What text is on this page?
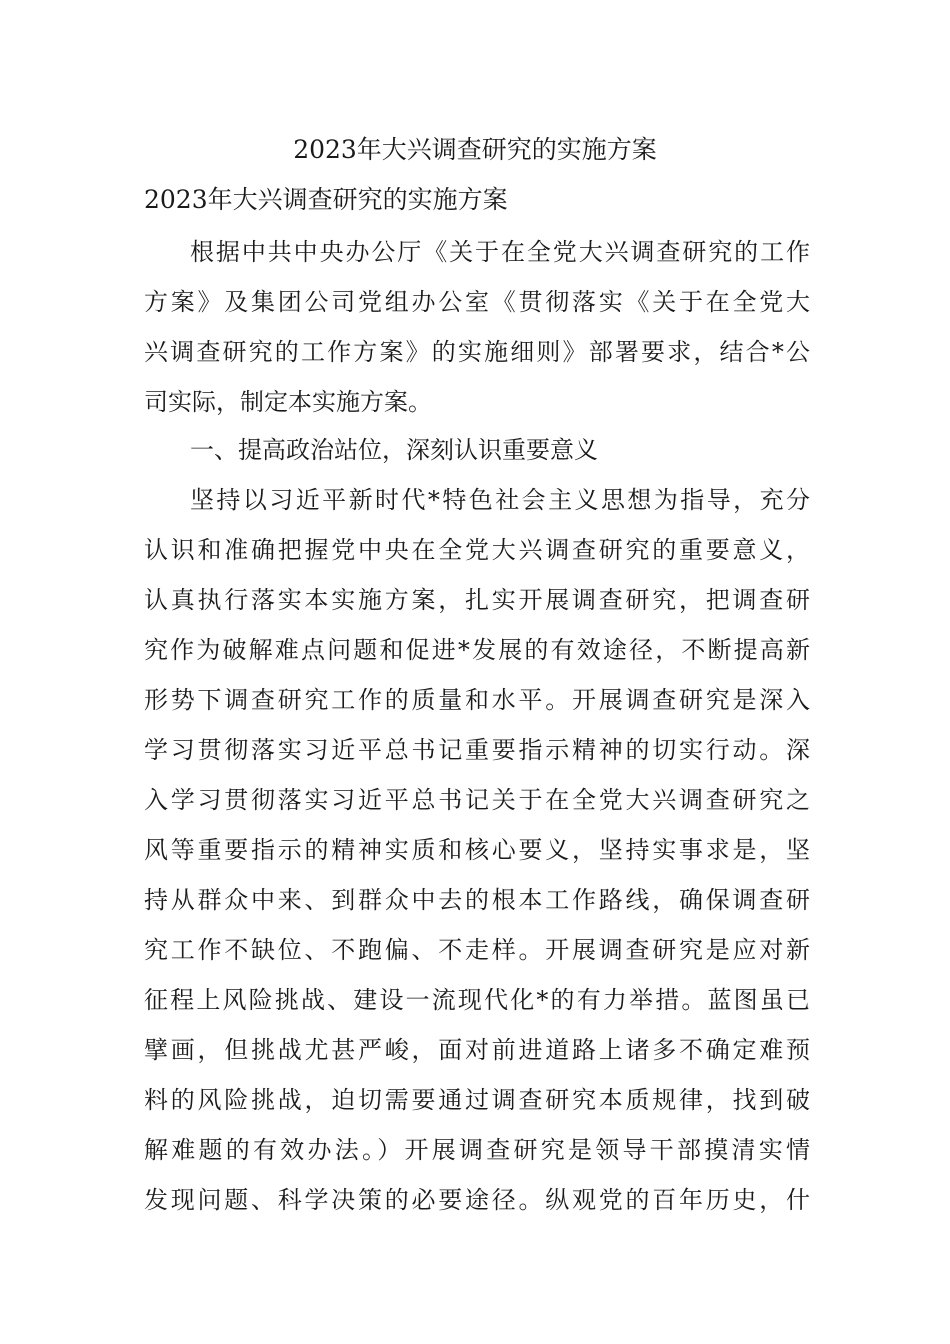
2023年大兴调查研究的实施方案
2023年大兴调查研究的实施方案
根据中共中央办公厅《关于在全党大兴调查研究的工作
方案》及集团公司党组办公室《贯彻落实《关于在全党大
兴调查研究的工作方案》的实施细则》部署要求，结合*公
司实际，制定本实施方案。
一、提高政治站位，深刻认识重要意义
坚持以习近平新时代*特色社会主义思想为指导，充分
认识和准确把握党中央在全党大兴调查研究的重要意义，
认真执行落实本实施方案，扎实开展调查研究，把调查研
究作为破解难点问题和促进*发展的有效途径，不断提高新
形势下调查研究工作的质量和水平。开展调查研究是深入
学习贯彻落实习近平总书记重要指示精神的切实行动。深
入学习贯彻落实习近平总书记关于在全党大兴调查研究之
风等重要指示的精神实质和核心要义，坚持实事求是，坚
持从群众中来、到群众中去的根本工作路线，确保调查研
究工作不缺位、不跑偏、不走样。开展调查研究是应对新
征程上风险挑战、建设一流现代化*的有力举措。蓝图虽已
擘画，但挑战尤甚严峻，面对前进道路上诸多不确定难预
料的风险挑战，迫切需要通过调查研究本质规律，找到破
解难题的有效办法。）开展调查研究是领导干部摸清实情
发现问题、科学决策的必要途径。纵观党的百年历史，什
